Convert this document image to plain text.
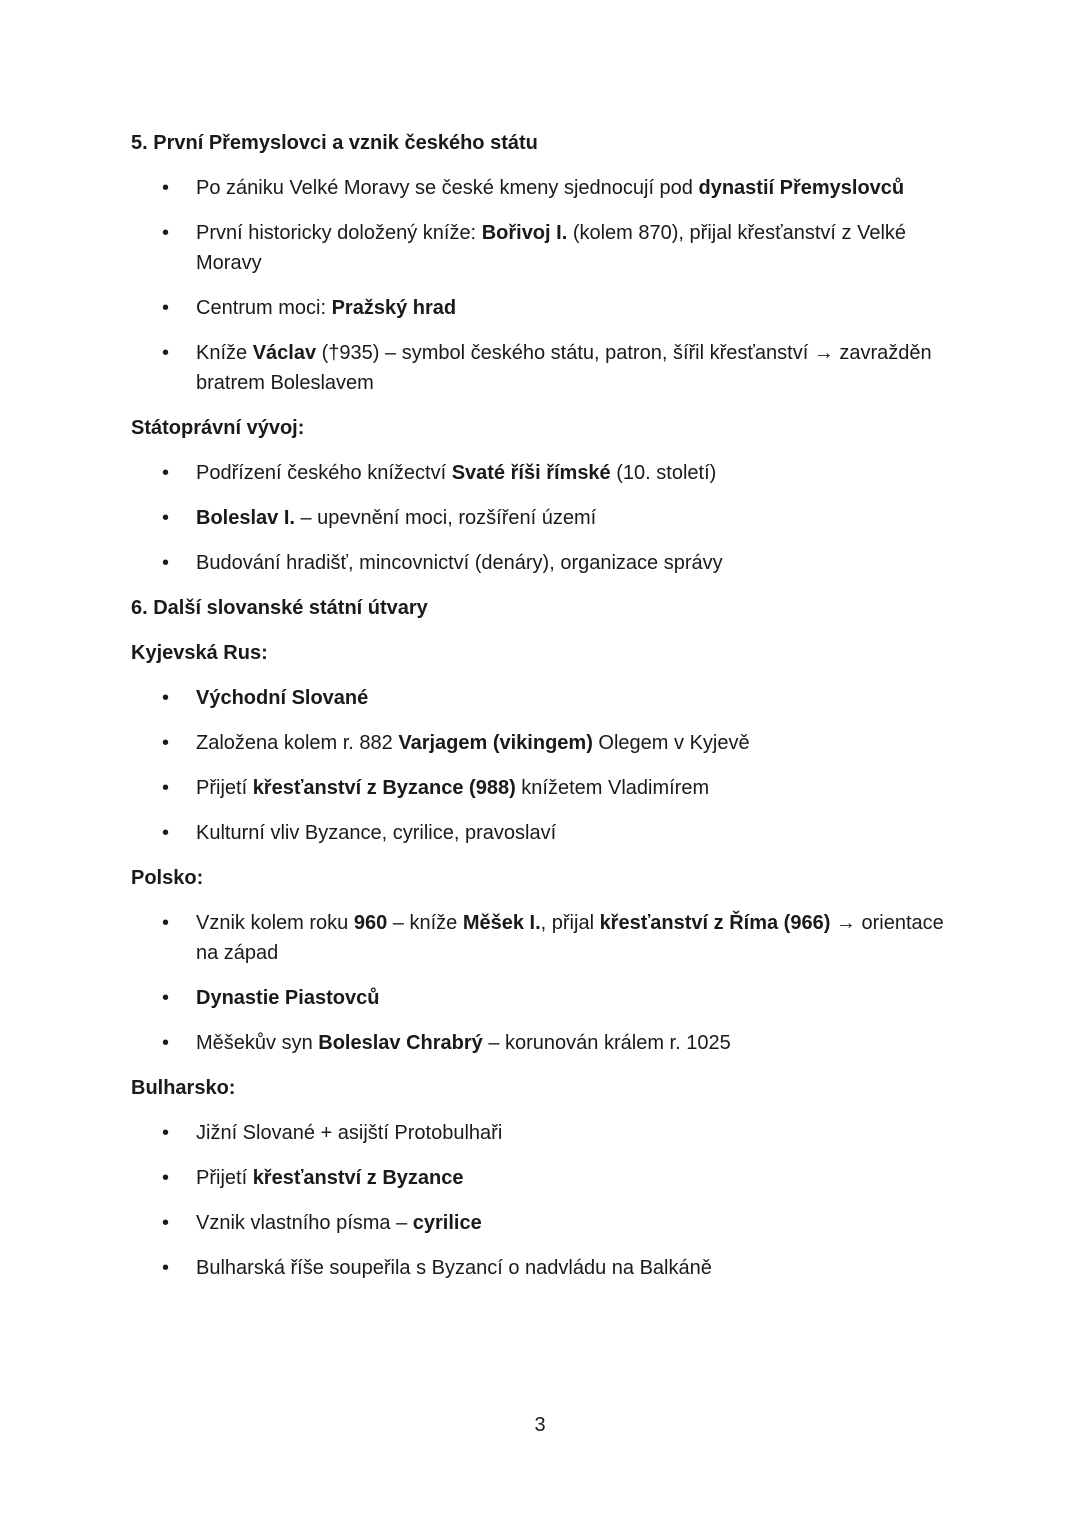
5. První Přemyslovci a vznik českého státu
• Po zániku Velké Moravy se české kmeny sjednocují pod dynastií Přemyslovců
• První historicky doložený kníže: Bořivoj I. (kolem 870), přijal křesťanství z Velké Moravy
• Centrum moci: Pražský hrad
• Kníže Václav (†935) – symbol českého státu, patron, šířil křesťanství → zavražděn bratrem Boleslavem
Státoprávní vývoj:
• Podřízení českého knížectví Svaté říši římské (10. století)
• Boleslav I. – upevnění moci, rozšíření území
• Budování hradišť, mincovnictví (denáry), organizace správy
6. Další slovanské státní útvary
Kyjevská Rus:
• Východní Slované
• Založena kolem r. 882 Varjagem (vikingem) Olegem v Kyjevě
• Přijetí křesťanství z Byzance (988) knížetem Vladimírem
• Kulturní vliv Byzance, cyrilice, pravoslaví
Polsko:
• Vznik kolem roku 960 – kníže Měšek I., přijal křesťanství z Říma (966) → orientace na západ
• Dynastie Piastovců
• Měšekův syn Boleslav Chrabrý – korunován králem r. 1025
Bulharsko:
• Jižní Slované + asijští Protobulhaři
• Přijetí křesťanství z Byzance
• Vznik vlastního písma – cyrilice
• Bulharská říše soupeřila s Byzancí o nadvládu na Balkáně
3
